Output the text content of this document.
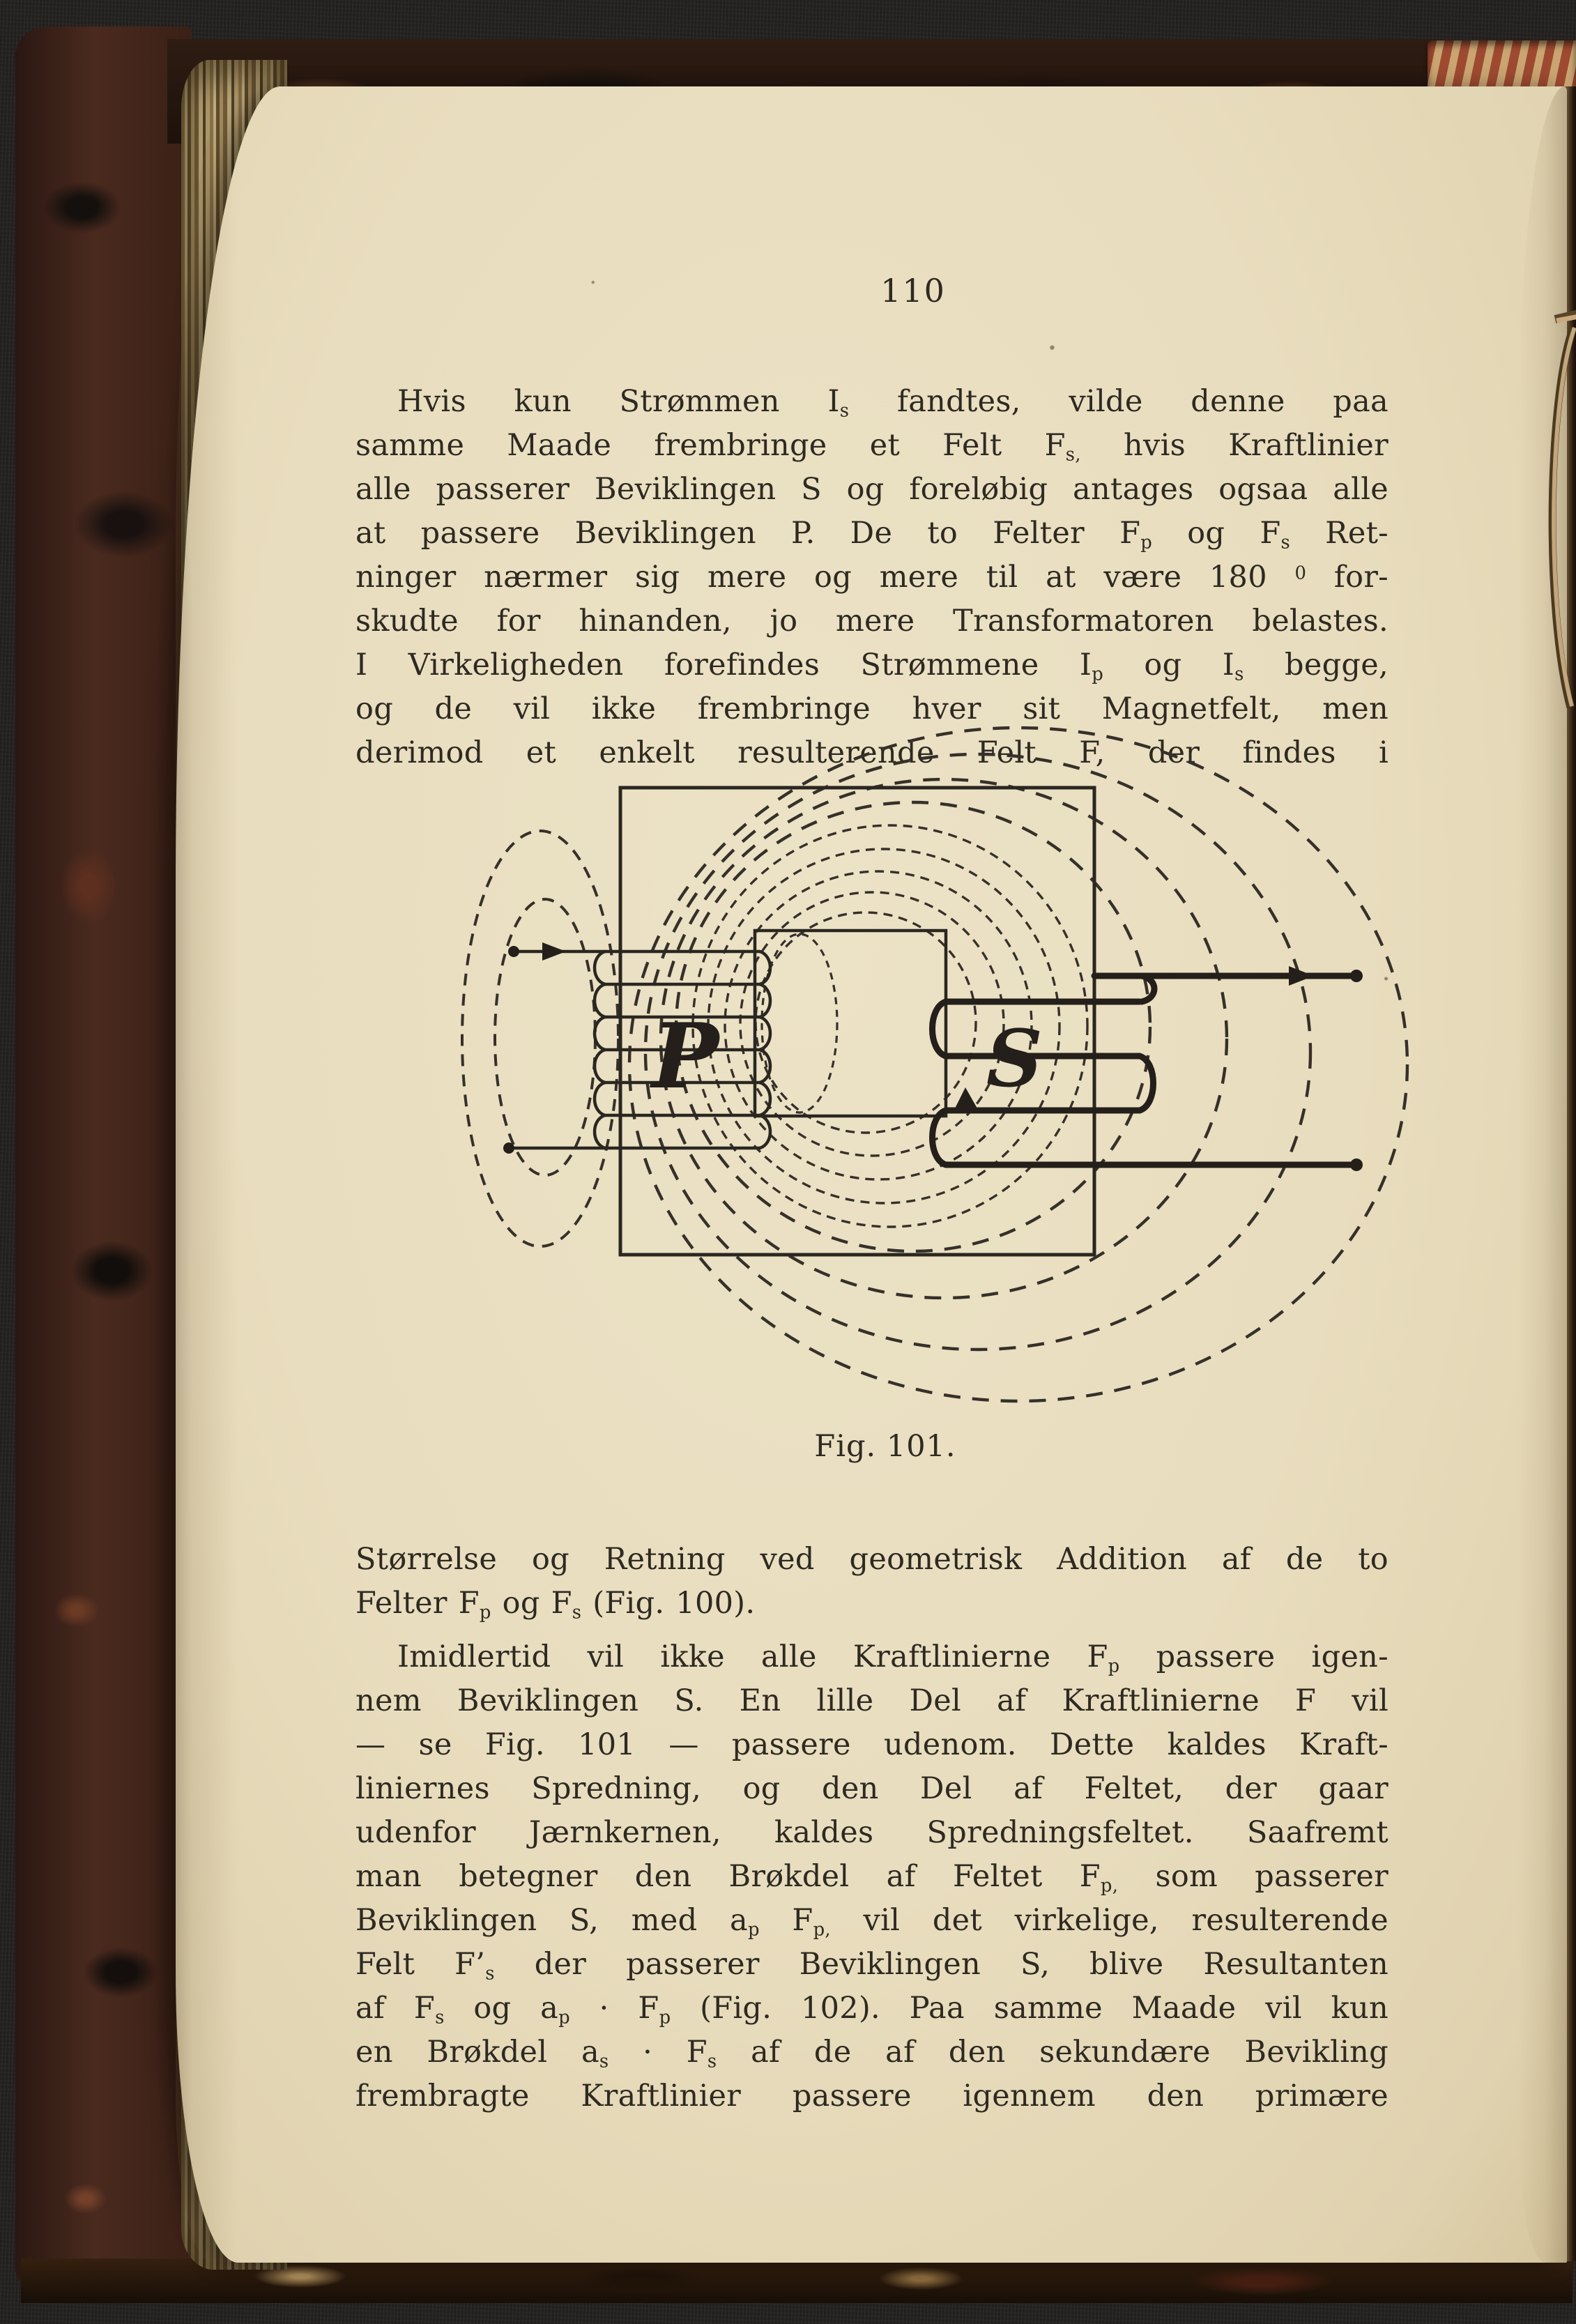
110
Hvis kun Strømmen $I_s$ fandtes, vilde denne paa
samme Maade frembringe et Felt $F_{s,}$ hvis Kraftlinier
alle passerer Beviklingen S og foreløbig antages ogsaa alle
at passere Beviklingen P. De to Felter $F_p$ og $F_s$ Ret-
ninger nærmer sig mere og mere til at være 180 $^0$ for-
skudte for hinanden, jo mere Transformatoren belastes.
I Virkeligheden forefindes Strømmene $I_p$ og $I_s$ begge,
og de vil ikke frembringe hver sit Magnetfelt, men
derimod et enkelt resulterende Felt F, der findes i
P	S
Fig. 101.
Størrelse og Retning ved geometrisk Addition af de to
Felter $F_p$ og $F_s$ (Fig. 100).
Imidlertid vil ikke alle Kraftlinierne $F_p$ passere igen-
nem Beviklingen S. En lille Del af Kraftlinierne F vil
— se Fig. 101 — passere udenom. Dette kaldes Kraft-
liniernes Spredning, og den Del af Feltet, der gaar
udenfor Jærnkernen, kaldes Spredningsfeltet. Saafremt
man betegner den Brøkdel af Feltet $F_{p,}$ som passerer
Beviklingen S, med $a_p$ $F_{p,}$ vil det virkelige, resulterende
Felt $F’_s$ der passerer Beviklingen S, blive Resultanten
af $F_s$ og $a_p \cdot F_p$ (Fig. 102). Paa samme Maade vil kun
en Brøkdel $a_s \cdot F_s$ af de af den sekundære Bevikling
frembragte Kraftlinier passere igennem den primære
